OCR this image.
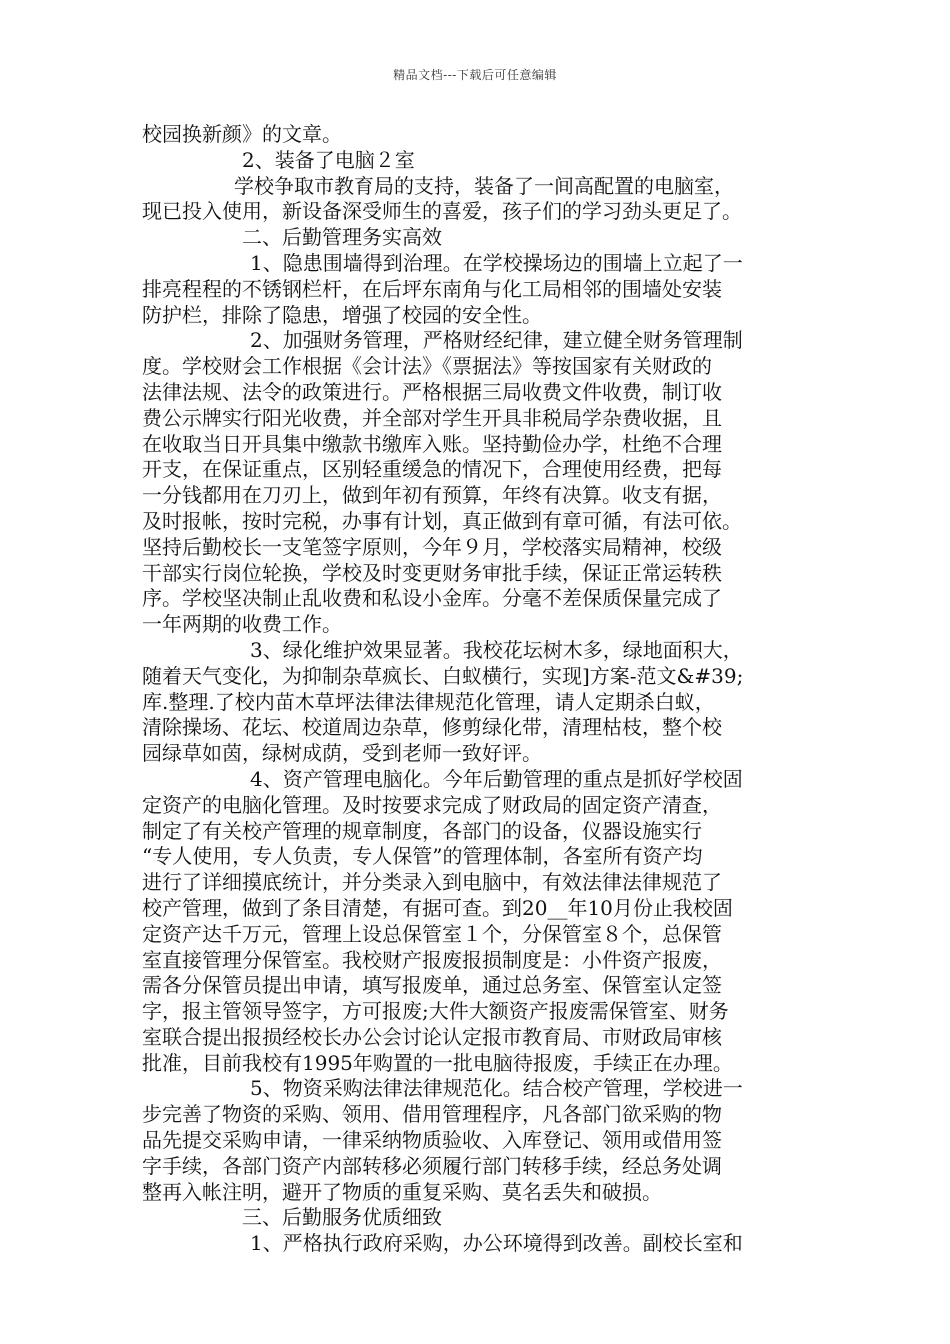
精品文档---下载后可任意编辑
校园换新颜》的文章。
2、装备了电脑２室
学校争取市教育局的支持，装备了一间高配置的电脑室，
现已投入使用，新设备深受师生的喜爱，孩子们的学习劲头更足了。
二、后勤管理务实高效
1、隐患围墙得到治理。在学校操场边的围墙上立起了一
排亮程程的不锈钢栏杆，在后坪东南角与化工局相邻的围墙处安装
防护栏，排除了隐患，增强了校园的安全性。
2、加强财务管理，严格财经纪律，建立健全财务管理制
度。学校财会工作根据《会计法》《票据法》等按国家有关财政的
法律法规、法令的政策进行。严格根据三局收费文件收费，制订收
费公示牌实行阳光收费，并全部对学生开具非税局学杂费收据，且
在收取当日开具集中缴款书缴库入账。坚持勤俭办学，杜绝不合理
开支，在保证重点，区别轻重缓急的情况下，合理使用经费，把每
一分钱都用在刀刃上，做到年初有预算，年终有决算。收支有据，
及时报帐，按时完税，办事有计划，真正做到有章可循，有法可依。
坚持后勤校长一支笔签字原则，今年９月，学校落实局精神，校级
干部实行岗位轮换，学校及时变更财务审批手续，保证正常运转秩
序。学校坚决制止乱收费和私设小金库。分毫不差保质保量完成了
一年两期的收费工作。
3、绿化维护效果显著。我校花坛树木多，绿地面积大，
随着天气变化，为抑制杂草疯长、白蚁横行，实现]方案-范文&#39;
库.整理.了校内苗木草坪法律法律规范化管理，请人定期杀白蚁，
清除操场、花坛、校道周边杂草，修剪绿化带，清理枯枝，整个校
园绿草如茵，绿树成荫，受到老师一致好评。
4、资产管理电脑化。今年后勤管理的重点是抓好学校固
定资产的电脑化管理。及时按要求完成了财政局的固定资产清查，
制定了有关校产管理的规章制度，各部门的设备，仪器设施实行
“专人使用，专人负责，专人保管”的管理体制，各室所有资产均
进行了详细摸底统计，并分类录入到电脑中，有效法律法律规范了
校产管理，做到了条目清楚，有据可查。到20__年10月份止我校固
定资产达千万元，管理上设总保管室１个，分保管室８个，总保管
室直接管理分保管室。我校财产报废报损制度是：小件资产报废，
需各分保管员提出申请，填写报废单，通过总务室、保管室认定签
字，报主管领导签字，方可报废;大件大额资产报废需保管室、财务
室联合提出报损经校长办公会讨论认定报市教育局、市财政局审核
批准，目前我校有1995年购置的一批电脑待报废，手续正在办理。
5、物资采购法律法律规范化。结合校产管理，学校进一
步完善了物资的采购、领用、借用管理程序，凡各部门欲采购的物
品先提交采购申请，一律采纳物质验收、入库登记、领用或借用签
字手续，各部门资产内部转移必须履行部门转移手续，经总务处调
整再入帐注明，避开了物质的重复采购、莫名丢失和破损。
三、后勤服务优质细致
1、严格执行政府采购，办公环境得到改善。副校长室和
